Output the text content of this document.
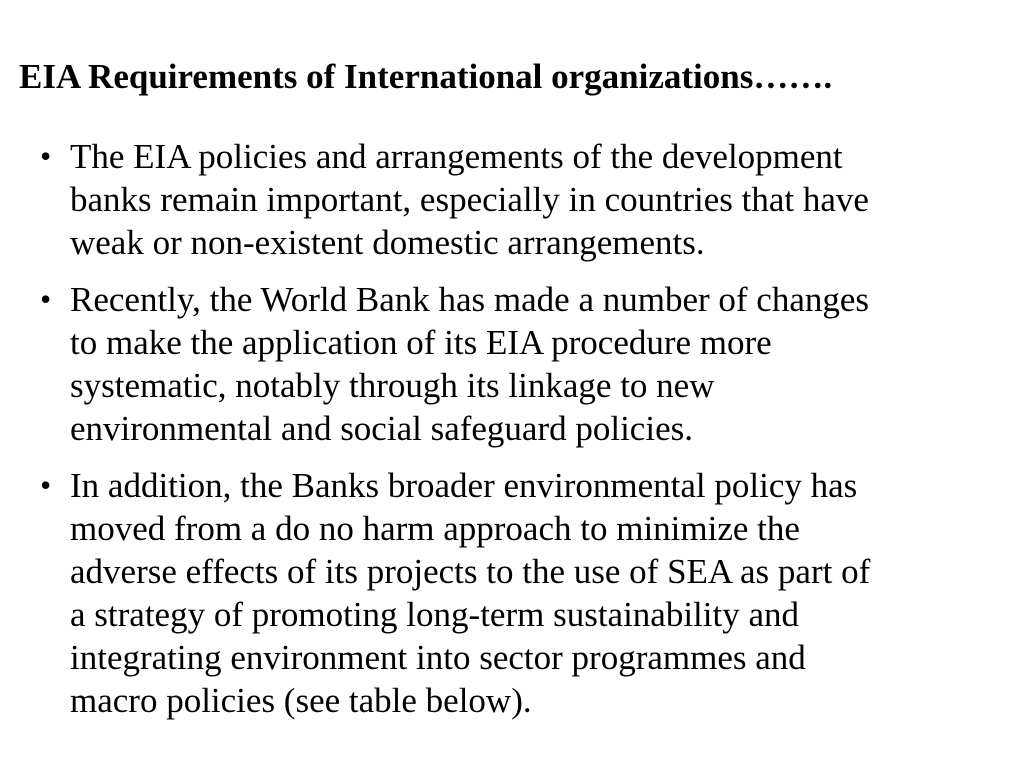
EIA Requirements of International organizations…….
• The EIA policies and arrangements of the development
banks remain important, especially in countries that have
weak or non-existent domestic arrangements.
• Recently, the World Bank has made a number of changes
to make the application of its EIA procedure more
systematic, notably through its linkage to new
environmental and social safeguard policies.
• In addition, the Banks broader environmental policy has
moved from a do no harm approach to minimize the
adverse effects of its projects to the use of SEA as part of
a strategy of promoting long-term sustainability and
integrating environment into sector programmes and
macro policies (see table below).
